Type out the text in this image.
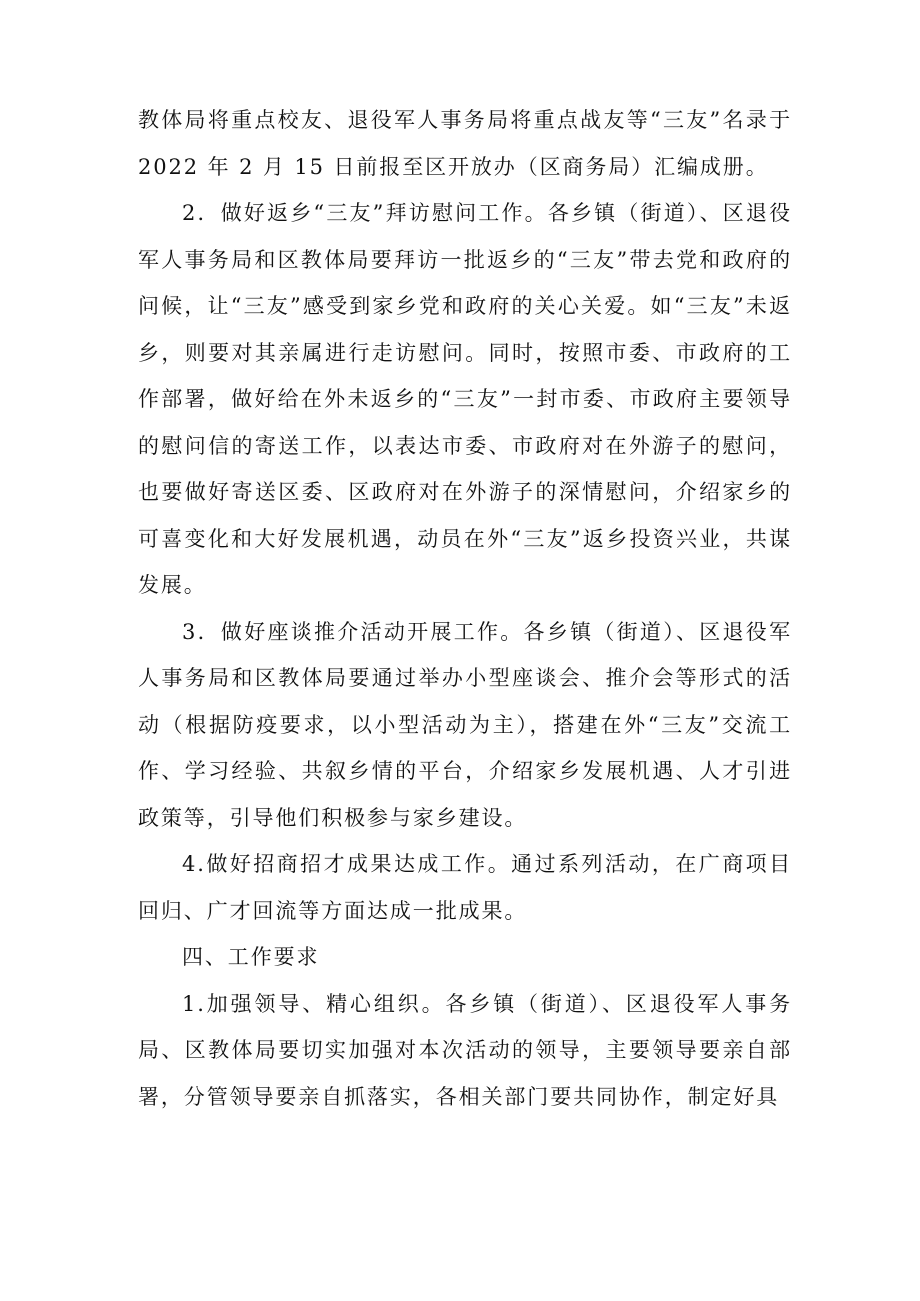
教体局将重点校友、退役军人事务局将重点战友等“三友”名录于 2022 年 2 月 15 日前报至区开放办（区商务局）汇编成册。

2．做好返乡“三友”拜访慰问工作。各乡镇（街道）、区退役军人事务局和区教体局要拜访一批返乡的“三友”带去党和政府的问候，让“三友”感受到家乡党和政府的关心关爱。如“三友”未返乡，则要对其亲属进行走访慰问。同时，按照市委、市政府的工作部署，做好给在外未返乡的“三友”一封市委、市政府主要领导的慰问信的寄送工作，以表达市委、市政府对在外游子的慰问，也要做好寄送区委、区政府对在外游子的深情慰问，介绍家乡的可喜变化和大好发展机遇，动员在外“三友”返乡投资兴业，共谋发展。

3．做好座谈推介活动开展工作。各乡镇（街道）、区退役军人事务局和区教体局要通过举办小型座谈会、推介会等形式的活动（根据防疫要求，以小型活动为主），搭建在外“三友”交流工作、学习经验、共叙乡情的平台，介绍家乡发展机遇、人才引进政策等，引导他们积极参与家乡建设。

4.做好招商招才成果达成工作。通过系列活动，在广商项目回归、广才回流等方面达成一批成果。

四、工作要求

1.加强领导、精心组织。各乡镇（街道）、区退役军人事务局、区教体局要切实加强对本次活动的领导，主要领导要亲自部署，分管领导要亲自抓落实，各相关部门要共同协作，制定好具
